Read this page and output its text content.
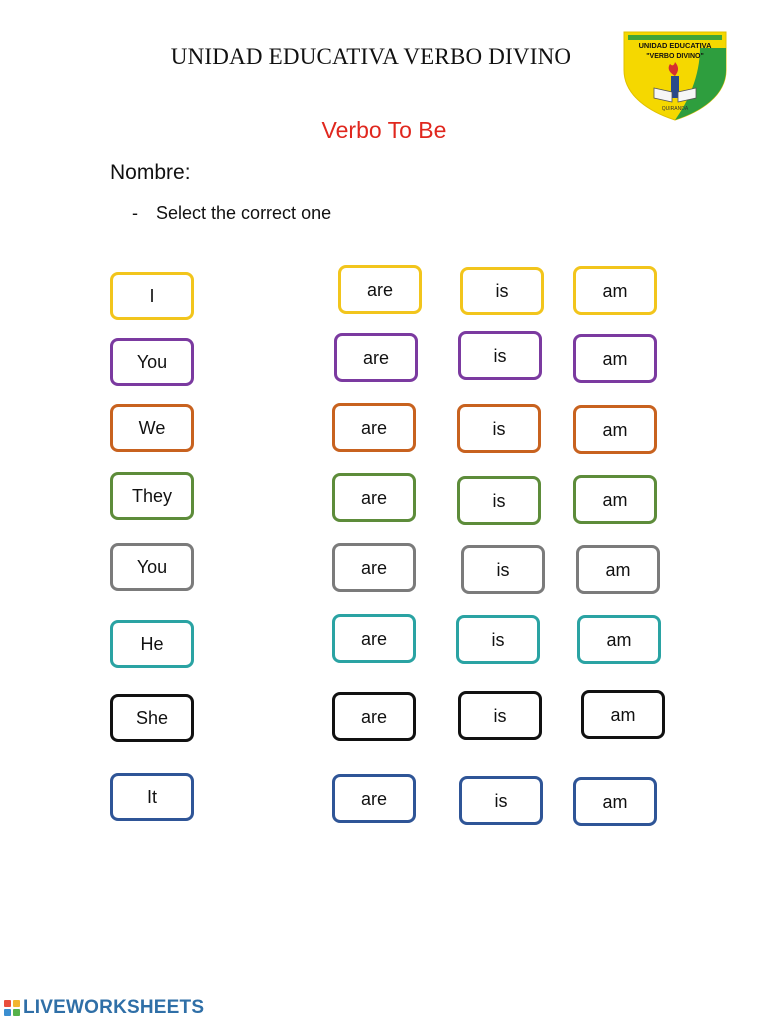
UNIDAD EDUCATIVA VERBO DIVINO	UNIDAD EDUCATIVA
"VERBO DIVINO"
QUIRANDA
Verbo To Be
Nombre:
- Select the correct one
I	are	is	am
You	are	is	am
We	are	is	am
They	are	is	am
You	are	is	am
He	are	is	am
She	are	is	am
It	are	is	am
LIVEWORKSHEETS
